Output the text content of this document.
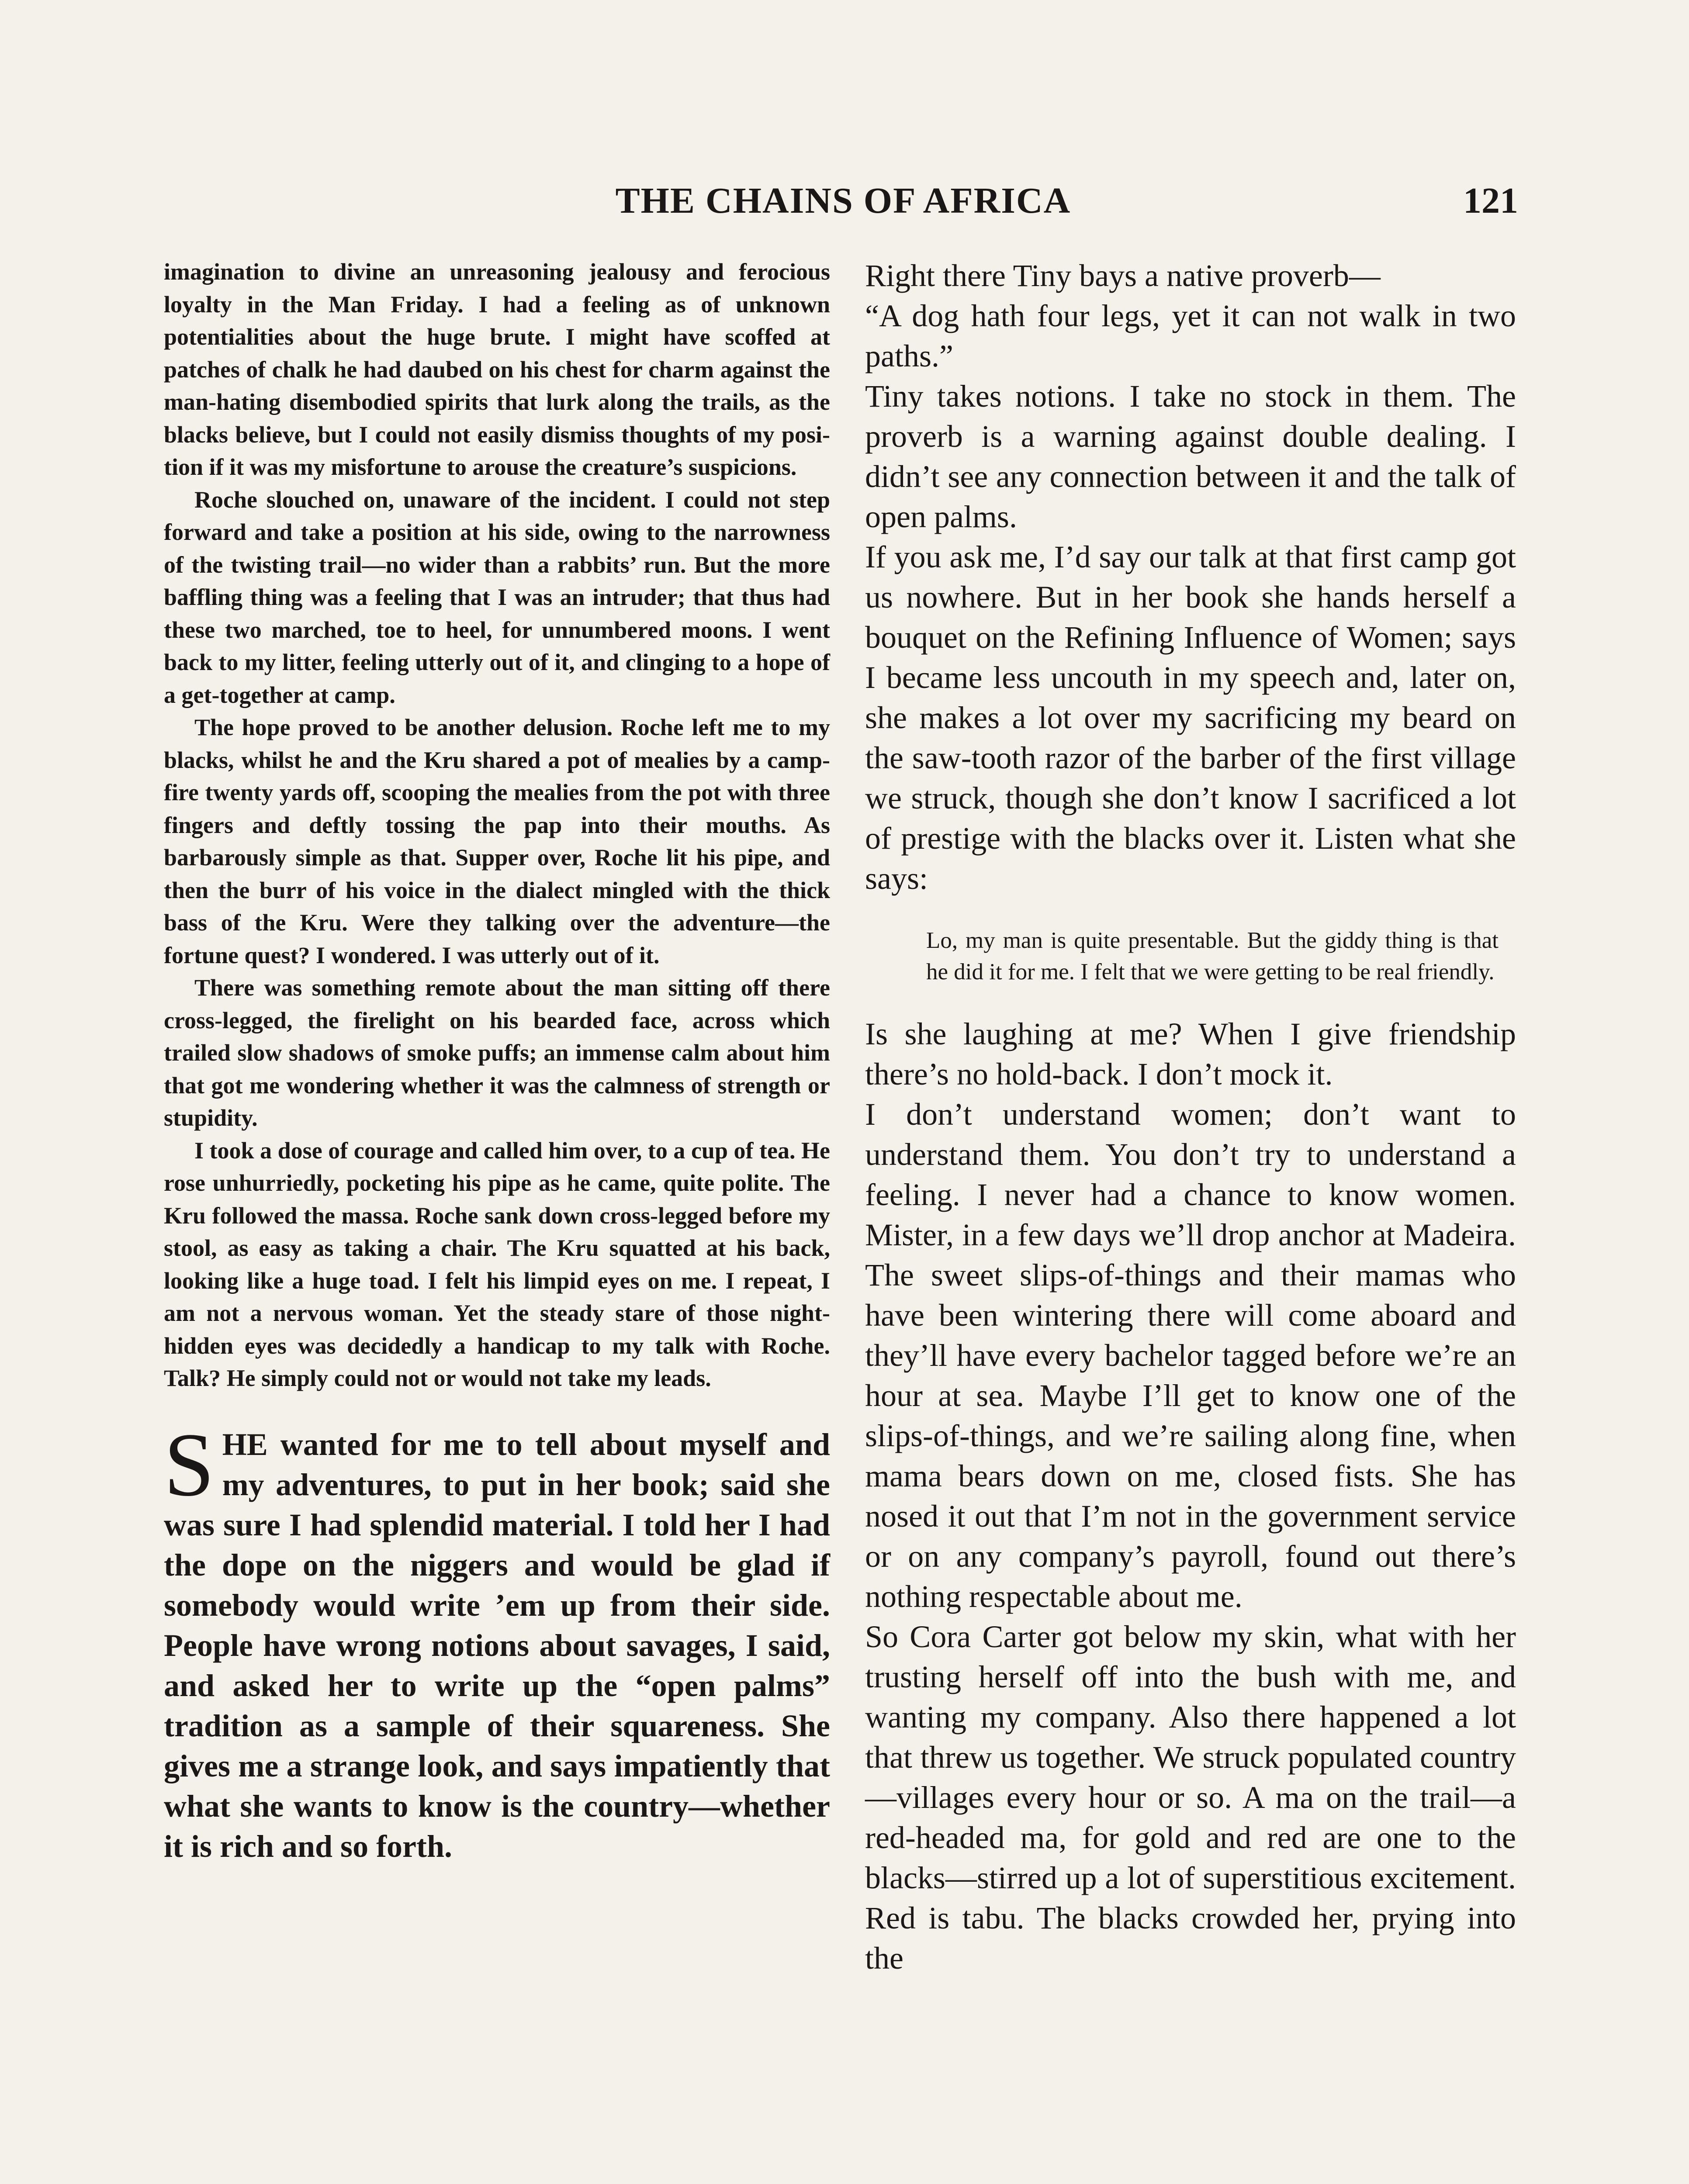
THE CHAINS OF AFRICA	121

imagination to divine an unreasoning jealousy and ferocious loyalty in the Man Friday. I had a feeling as of unknown potentialities about the huge brute. I might have scoffed at patches of chalk he had daubed on his chest for charm against the man-hating disembodied spirits that lurk along the trails, as the blacks believe, but I could not easily dismiss thoughts of my position if it was my misfortune to arouse the creature’s suspicions.

Roche slouched on, unaware of the incident. I could not step forward and take a position at his side, owing to the narrowness of the twisting trail—no wider than a rabbits’ run. But the more baffling thing was a feeling that I was an intruder; that thus had these two marched, toe to heel, for unnumbered moons. I went back to my litter, feeling utterly out of it, and clinging to a hope of a get-together at camp.

The hope proved to be another delusion. Roche left me to my blacks, whilst he and the Kru shared a pot of mealies by a camp-fire twenty yards off, scooping the mealies from the pot with three fingers and deftly tossing the pap into their mouths. As barbarously simple as that. Supper over, Roche lit his pipe, and then the burr of his voice in the dialect mingled with the thick bass of the Kru. Were they talking over the adventure—the fortune quest? I wondered. I was utterly out of it.

There was something remote about the man sitting off there cross-legged, the firelight on his bearded face, across which trailed slow shadows of smoke puffs; an immense calm about him that got me wondering whether it was the calmness of strength or stupidity.

I took a dose of courage and called him over, to a cup of tea. He rose unhurriedly, pocketing his pipe as he came, quite polite. The Kru followed the massa. Roche sank down cross-legged before my stool, as easy as taking a chair. The Kru squatted at his back, looking like a huge toad. I felt his limpid eyes on me. I repeat, I am not a nervous woman. Yet the steady stare of those night-hidden eyes was decidedly a handicap to my talk with Roche. Talk? He simply could not or would not take my leads.

SHE wanted for me to tell about myself and my adventures, to put in her book; said she was sure I had splendid material. I told her I had the dope on the niggers and would be glad if somebody would write ’em up from their side. People have wrong notions about savages, I said, and asked her to write up the “open palms” tradition as a sample of their squareness. She gives me a strange look, and says impatiently that what she wants to know is the country—whether it is rich and so forth.

Right there Tiny bays a native proverb—

“A dog hath four legs, yet it can not walk in two paths.”

Tiny takes notions. I take no stock in them. The proverb is a warning against double dealing. I didn’t see any connection between it and the talk of open palms.

If you ask me, I’d say our talk at that first camp got us nowhere. But in her book she hands herself a bouquet on the Refining Influence of Women; says I became less uncouth in my speech and, later on, she makes a lot over my sacrificing my beard on the saw-tooth razor of the barber of the first village we struck, though she don’t know I sacrificed a lot of prestige with the blacks over it. Listen what she says:

Lo, my man is quite presentable. But the giddy thing is that he did it for me. I felt that we were getting to be real friendly.

Is she laughing at me? When I give friendship there’s no hold-back. I don’t mock it.

I don’t understand women; don’t want to understand them. You don’t try to understand a feeling. I never had a chance to know women. Mister, in a few days we’ll drop anchor at Madeira. The sweet slips-of-things and their mamas who have been wintering there will come aboard and they’ll have every bachelor tagged before we’re an hour at sea. Maybe I’ll get to know one of the slips-of-things, and we’re sailing along fine, when mama bears down on me, closed fists. She has nosed it out that I’m not in the government service or on any company’s payroll, found out there’s nothing respectable about me.

So Cora Carter got below my skin, what with her trusting herself off into the bush with me, and wanting my company. Also there happened a lot that threw us together. We struck populated country —villages every hour or so. A ma on the trail—a red-headed ma, for gold and red are one to the blacks—stirred up a lot of superstitious excitement. Red is tabu. The blacks crowded her, prying into the
